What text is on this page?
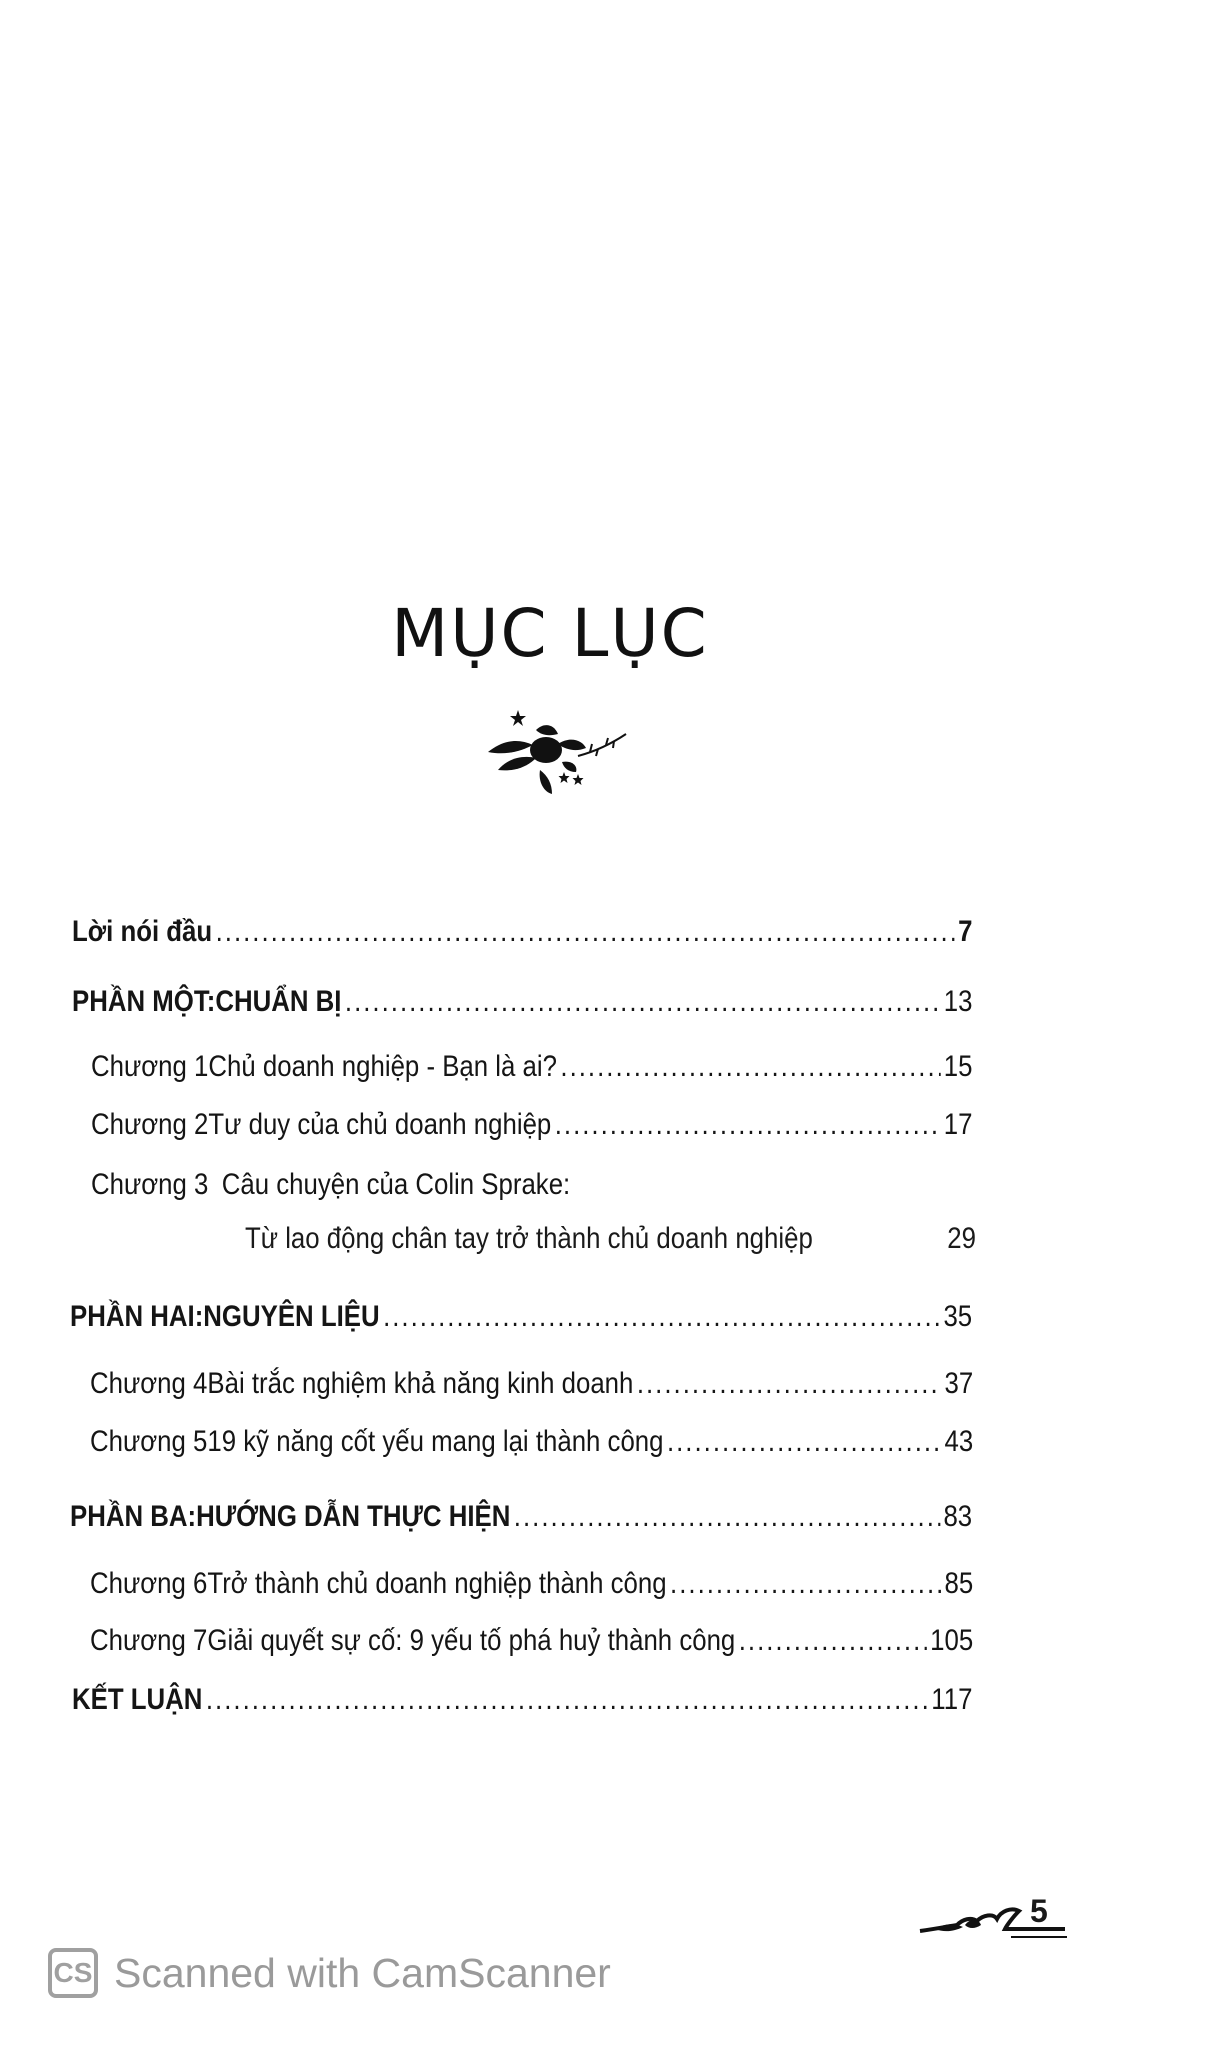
MỤC LỤC
Lời nói đầu . . .	7
PHẦN MỘT: CHUẨN BỊ . . .	13
Chương 1 Chủ doanh nghiệp - Bạn là ai? . . .	15
Chương 2 Tư duy của chủ doanh nghiệp . . .	17
Chương 3 Câu chuyện của Colin Sprake:
Từ lao động chân tay trở thành chủ doanh nghiệp	29
PHẦN HAI: NGUYÊN LIỆU . . .	35
Chương 4 Bài trắc nghiệm khả năng kinh doanh . . .	37
Chương 5 19 kỹ năng cốt yếu mang lại thành công . . .	43
PHẦN BA: HƯỚNG DẪN THỰC HIỆN . . .	83
Chương 6 Trở thành chủ doanh nghiệp thành công . . .	85
Chương 7 Giải quyết sự cố: 9 yếu tố phá huỷ thành công . . .	105
KẾT LUẬN . . .	117
5
CS Scanned with CamScanner
